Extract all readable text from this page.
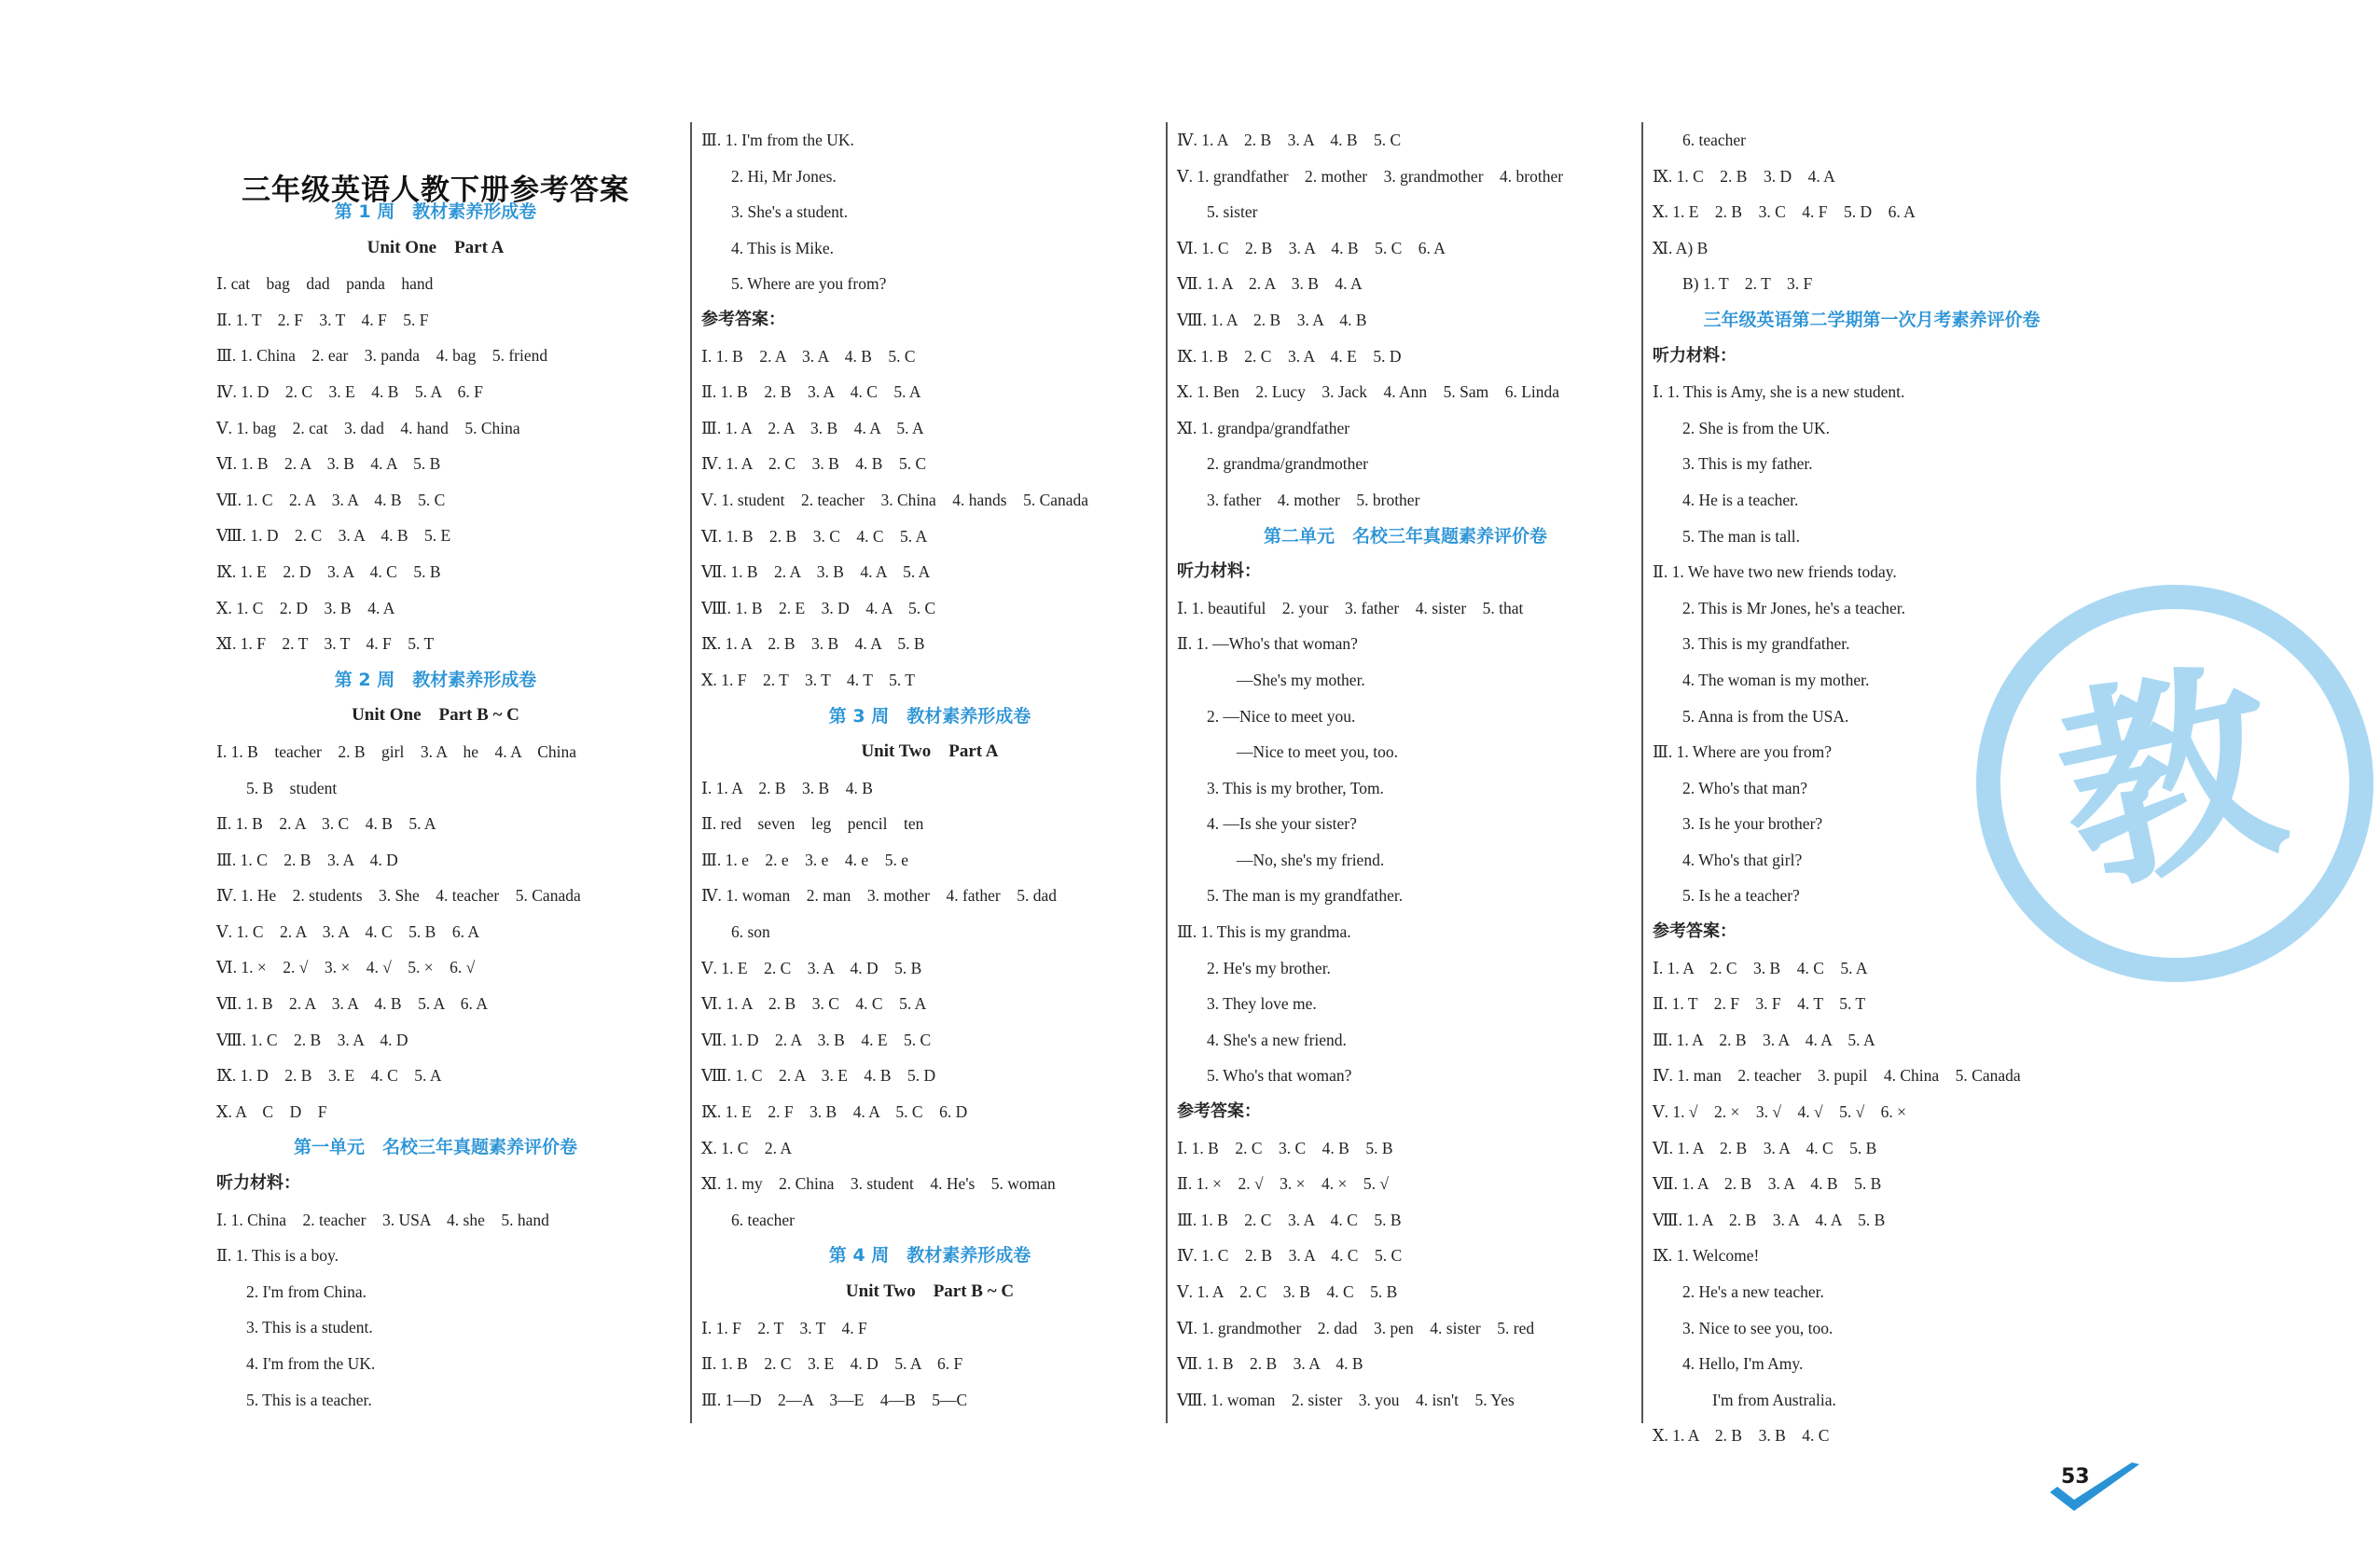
三年级英语人教下册参考答案
第 1 周　教材素养形成卷
Unit One　Part A
Ⅰ. cat　bag　dad　panda　hand
Ⅱ. 1. T　2. F　3. T　4. F　5. F
Ⅲ. 1. China　2. ear　3. panda　4. bag　5. friend
Ⅳ. 1. D　2. C　3. E　4. B　5. A　6. F
Ⅴ. 1. bag　2. cat　3. dad　4. hand　5. China
Ⅵ. 1. B　2. A　3. B　4. A　5. B
Ⅶ. 1. C　2. A　3. A　4. B　5. C
Ⅷ. 1. D　2. C　3. A　4. B　5. E
Ⅸ. 1. E　2. D　3. A　4. C　5. B
Ⅹ. 1. C　2. D　3. B　4. A
Ⅺ. 1. F　2. T　3. T　4. F　5. T
第 2 周　教材素养形成卷
Unit One　Part B ~ C
Ⅰ. 1. B　teacher　2. B　girl　3. A　he　4. A　China
5. B　student
Ⅱ. 1. B　2. A　3. C　4. B　5. A
Ⅲ. 1. C　2. B　3. A　4. D
Ⅳ. 1. He　2. students　3. She　4. teacher　5. Canada
Ⅴ. 1. C　2. A　3. A　4. C　5. B　6. A
Ⅵ. 1. ×　2. √　3. ×　4. √　5. ×　6. √
Ⅶ. 1. B　2. A　3. A　4. B　5. A　6. A
Ⅷ. 1. C　2. B　3. A　4. D
Ⅸ. 1. D　2. B　3. E　4. C　5. A
Ⅹ. A　C　D　F
第一单元　名校三年真题素养评价卷
听力材料：
Ⅰ. 1. China　2. teacher　3. USA　4. she　5. hand
Ⅱ. 1. This is a boy.
2. I'm from China.
3. This is a student.
4. I'm from the UK.
5. This is a teacher.
Ⅲ. 1. I'm from the UK.
2. Hi, Mr Jones.
3. She's a student.
4. This is Mike.
5. Where are you from?
参考答案：
Ⅰ. 1. B　2. A　3. A　4. B　5. C
Ⅱ. 1. B　2. B　3. A　4. C　5. A
Ⅲ. 1. A　2. A　3. B　4. A　5. A
Ⅳ. 1. A　2. C　3. B　4. B　5. C
Ⅴ. 1. student　2. teacher　3. China　4. hands　5. Canada
Ⅵ. 1. B　2. B　3. C　4. C　5. A
Ⅶ. 1. B　2. A　3. B　4. A　5. A
Ⅷ. 1. B　2. E　3. D　4. A　5. C
Ⅸ. 1. A　2. B　3. B　4. A　5. B
Ⅹ. 1. F　2. T　3. T　4. T　5. T
第 3 周　教材素养形成卷
Unit Two　Part A
Ⅰ. 1. A　2. B　3. B　4. B
Ⅱ. red　seven　leg　pencil　ten
Ⅲ. 1. e　2. e　3. e　4. e　5. e
Ⅳ. 1. woman　2. man　3. mother　4. father　5. dad
6. son
Ⅴ. 1. E　2. C　3. A　4. D　5. B
Ⅵ. 1. A　2. B　3. C　4. C　5. A
Ⅶ. 1. D　2. A　3. B　4. E　5. C
Ⅷ. 1. C　2. A　3. E　4. B　5. D
Ⅸ. 1. E　2. F　3. B　4. A　5. C　6. D
Ⅹ. 1. C　2. A
Ⅺ. 1. my　2. China　3. student　4. He's　5. woman
6. teacher
第 4 周　教材素养形成卷
Unit Two　Part B ~ C
Ⅰ. 1. F　2. T　3. T　4. F
Ⅱ. 1. B　2. C　3. E　4. D　5. A　6. F
Ⅲ. 1—D　2—A　3—E　4—B　5—C
Ⅳ. 1. A　2. B　3. A　4. B　5. C
Ⅴ. 1. grandfather　2. mother　3. grandmother　4. brother
5. sister
Ⅵ. 1. C　2. B　3. A　4. B　5. C　6. A
Ⅶ. 1. A　2. A　3. B　4. A
Ⅷ. 1. A　2. B　3. A　4. B
Ⅸ. 1. B　2. C　3. A　4. E　5. D
Ⅹ. 1. Ben　2. Lucy　3. Jack　4. Ann　5. Sam　6. Linda
Ⅺ. 1. grandpa/grandfather
2. grandma/grandmother
3. father　4. mother　5. brother
第二单元　名校三年真题素养评价卷
听力材料：
Ⅰ. 1. beautiful　2. your　3. father　4. sister　5. that
Ⅱ. 1. —Who's that woman?
—She's my mother.
2. —Nice to meet you.
—Nice to meet you, too.
3. This is my brother, Tom.
4. —Is she your sister?
—No, she's my friend.
5. The man is my grandfather.
Ⅲ. 1. This is my grandma.
2. He's my brother.
3. They love me.
4. She's a new friend.
5. Who's that woman?
参考答案：
Ⅰ. 1. B　2. C　3. C　4. B　5. B
Ⅱ. 1. ×　2. √　3. ×　4. ×　5. √
Ⅲ. 1. B　2. C　3. A　4. C　5. B
Ⅳ. 1. C　2. B　3. A　4. C　5. C
Ⅴ. 1. A　2. C　3. B　4. C　5. B
Ⅵ. 1. grandmother　2. dad　3. pen　4. sister　5. red
Ⅶ. 1. B　2. B　3. A　4. B
Ⅷ. 1. woman　2. sister　3. you　4. isn't　5. Yes
6. teacher
Ⅸ. 1. C　2. B　3. D　4. A
Ⅹ. 1. E　2. B　3. C　4. F　5. D　6. A
Ⅺ. A) B
B) 1. T　2. T　3. F
三年级英语第二学期第一次月考素养评价卷
听力材料：
Ⅰ. 1. This is Amy, she is a new student.
2. She is from the UK.
3. This is my father.
4. He is a teacher.
5. The man is tall.
Ⅱ. 1. We have two new friends today.
2. This is Mr Jones, he's a teacher.
3. This is my grandfather.
4. The woman is my mother.
5. Anna is from the USA.
Ⅲ. 1. Where are you from?
2. Who's that man?
3. Is he your brother?
4. Who's that girl?
5. Is he a teacher?
参考答案：
Ⅰ. 1. A　2. C　3. B　4. C　5. A
Ⅱ. 1. T　2. F　3. F　4. T　5. T
Ⅲ. 1. A　2. B　3. A　4. A　5. A
Ⅳ. 1. man　2. teacher　3. pupil　4. China　5. Canada
Ⅴ. 1. √　2. ×　3. √　4. √　5. √　6. ×
Ⅵ. 1. A　2. B　3. A　4. C　5. B
Ⅶ. 1. A　2. B　3. A　4. B　5. B
Ⅷ. 1. A　2. B　3. A　4. A　5. B
Ⅸ. 1. Welcome!
2. He's a new teacher.
3. Nice to see you, too.
4. Hello, I'm Amy.
I'm from Australia.
Ⅹ. 1. A　2. B　3. B　4. C
教
53
